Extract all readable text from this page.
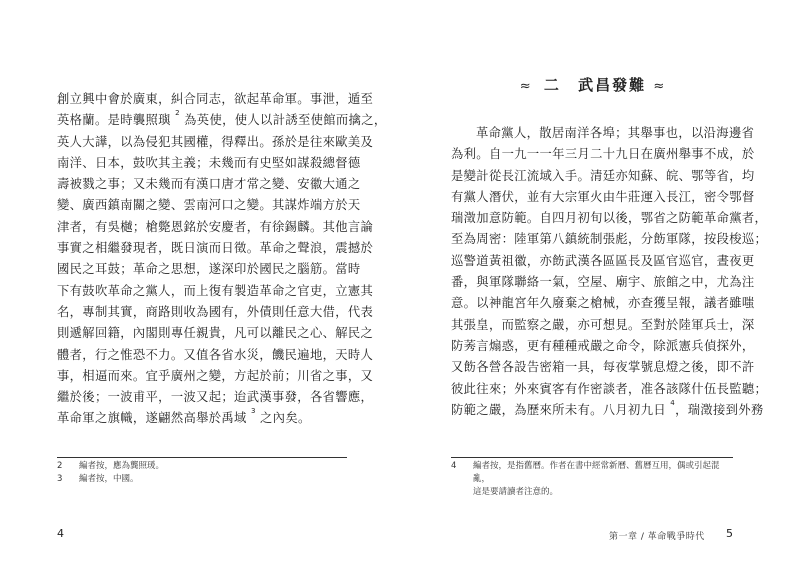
創立興中會於廣東，糾合同志，欲起革命軍。事泄，遁至
英格蘭。是時襲照璵 $^2$ 為英使，使人以計誘至使館而擒之，
英人大譁，以為侵犯其國權，得釋出。孫於是往來歐美及
南洋、日本，鼓吹其主義；未幾而有史堅如謀殺總督德
壽被戮之事；又未幾而有漢口唐才常之變、安徽大通之
變、廣西鎮南關之變、雲南河口之變。其謀炸端方於天
津者，有吳樾；槍斃恩銘於安慶者，有徐錫麟。其他言論
事實之相繼發現者，既日演而日徵。革命之聲浪，震撼於
國民之耳鼓；革命之思想，遂深印於國民之腦筋。當時
下有鼓吹革命之黨人，而上復有製造革命之官吏，立憲其
名，專制其實，商路則收為國有，外債則任意大借，代表
則遞解回籍，內閣則專任親貴，凡可以離民之心、解民之
體者，行之惟恐不力。又值各省水災，饑民遍地，天時人
事，相逼而來。宜乎廣州之變，方起於前；川省之事，又
繼於後；一波甫平，一波又起；迨武漢事發，各省響應，
革命軍之旗幟，遂翩然高舉於禹域 $^3$ 之內矣。
2	編者按，應為龔照瑗。
3	編者按，中國。
4
≈ 二 武昌發難 ≈
革命黨人，散居南洋各埠；其舉事也，以沿海邊省
為利。自一九一一年三月二十九日在廣州舉事不成，於
是變計從長江流域入手。清廷亦知蘇、皖、鄂等省，均
有黨人潛伏，並有大宗軍火由牛莊運入長江，密令鄂督
瑞澂加意防範。自四月初旬以後，鄂省之防範革命黨者，
至為周密：陸軍第八鎮統制張彪，分飭軍隊，按段梭巡；
巡警道黃祖徽，亦飭武漢各區區長及區官巡官，晝夜更
番，與軍隊聯絡一氣，空屋、廟宇、旅館之中，尤為注
意。以神龍宮年久廢棄之槍械，亦查獲呈報，議者雖嗤
其張皇，而監察之嚴，亦可想見。至對於陸軍兵士，深
防莠言煽惑，更有種種戒嚴之命令，除派憲兵偵探外，
又飭各營各設告密箱一具，每夜掌號息燈之後，即不許
彼此往來；外來賓客有作密談者，准各該隊什伍長監聽；
防範之嚴，為歷來所未有。八月初九日 $^4$，瑞澂接到外務
4	編者按，是指舊曆。作者在書中經常新曆、舊曆互用，偶或引起混亂，
這是要請讀者注意的。
第一章 / 革命戰爭時代 5
